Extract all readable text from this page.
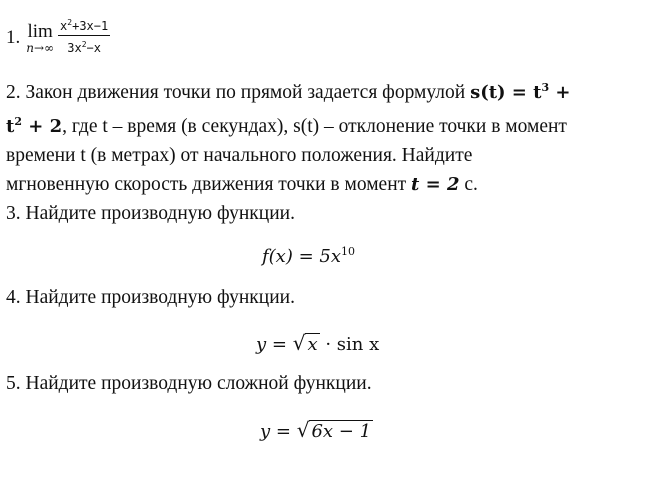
1. lim
$n\to\infty \frac{x^2+3x-1}{3x^2-x}$
2. Закон движения точки по прямой задается формулой $s(t) = t^3$ +
$t^2 + 2$, где t – время (в секундах), s(t) – отклонение точки в момент
времени t (в метрах) от начального положения. Найдите
мгновенную скорость движения точки в момент t = 2 с.
3. Найдите производную функции.
$f(x) = 5x^{10}$
4. Найдите производную функции.
y = √ x · sin x
5. Найдите производную сложной функции.
y = √ 6x − 1
